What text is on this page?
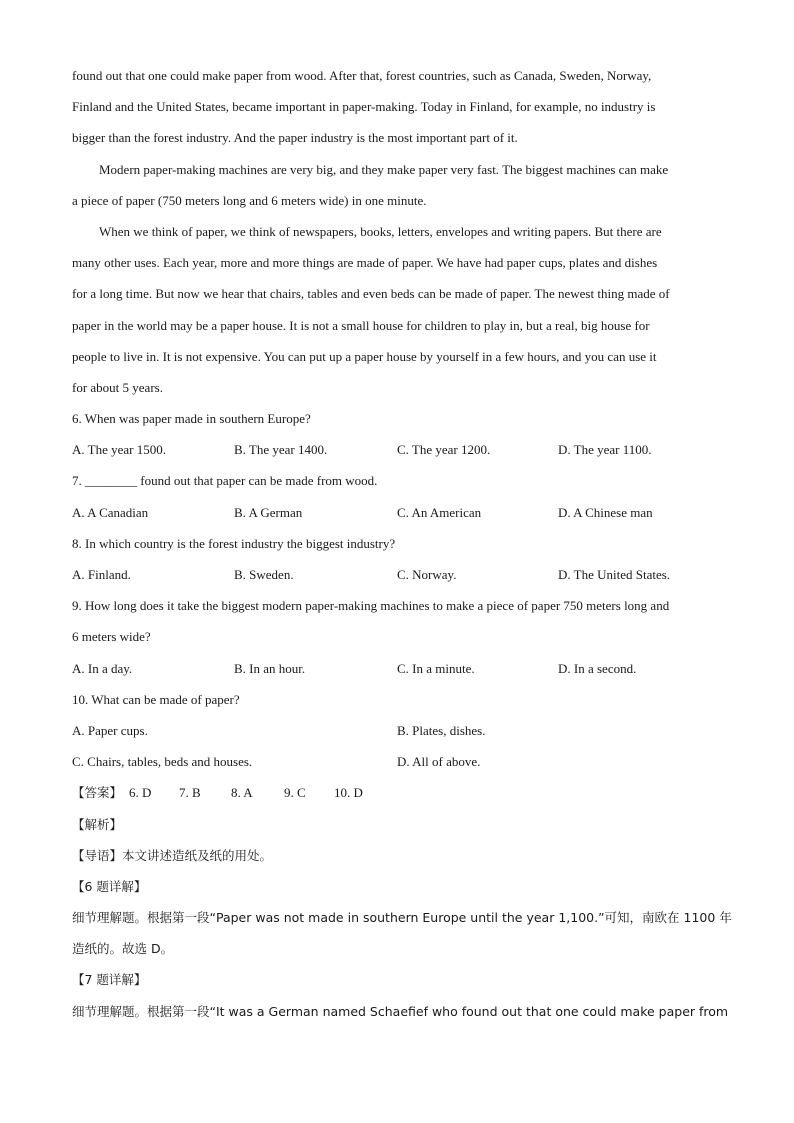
found out that one could make paper from wood. After that, forest countries, such as Canada, Sweden, Norway,
Finland and the United States, became important in paper-making. Today in Finland, for example, no industry is
bigger than the forest industry. And the paper industry is the most important part of it.
Modern paper-making machines are very big, and they make paper very fast. The biggest machines can make
a piece of paper (750 meters long and 6 meters wide) in one minute.
When we think of paper, we think of newspapers, books, letters, envelopes and writing papers. But there are
many other uses. Each year, more and more things are made of paper. We have had paper cups, plates and dishes
for a long time. But now we hear that chairs, tables and even beds can be made of paper. The newest thing made of
paper in the world may be a paper house. It is not a small house for children to play in, but a real, big house for
people to live in. It is not expensive. You can put up a paper house by yourself in a few hours, and you can use it
for about 5 years.
6. When was paper made in southern Europe?
A. The year 1500.	B. The year 1400.	C. The year 1200.	D. The year 1100.
7. ________ found out that paper can be made from wood.
A. A Canadian	B. A German	C. An American	D. A Chinese man
8. In which country is the forest industry the biggest industry?
A. Finland.	B. Sweden.	C. Norway.	D. The United States.
9. How long does it take the biggest modern paper-making machines to make a piece of paper 750 meters long and
6 meters wide?
A. In a day.	B. In an hour.	C. In a minute.	D. In a second.
10. What can be made of paper?
A. Paper cups.	B. Plates, dishes.
C. Chairs, tables, beds and houses.	D. All of above.
【答案】 6. D 7. B 8. A 9. C 10. D
【解析】
【导语】本文讲述造纸及纸的用处。
【6 题详解】
细节理解题。根据第一段“Paper was not made in southern Europe until the year 1,100.”可知，南欧在 1100 年
造纸的。故选 D。
【7 题详解】
细节理解题。根据第一段“It was a German named Schaefief who found out that one could make paper from
